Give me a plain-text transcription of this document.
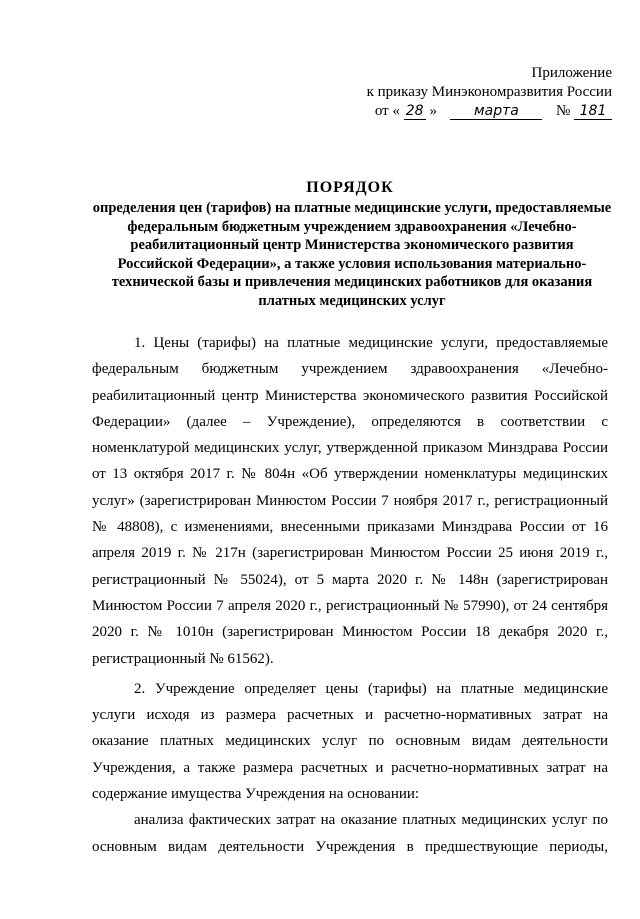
Приложение
к приказу Минэкономразвития России
от « 28 »	марта № 181
ПОРЯДОК
определения цен (тарифов) на платные медицинские услуги, предоставляемые федеральным бюджетным учреждением здравоохранения «Лечебно-реабилитационный центр Министерства экономического развития Российской Федерации», а также условия использования материально-технической базы и привлечения медицинских работников для оказания платных медицинских услуг

1. Цены (тарифы) на платные медицинские услуги, предоставляемые федеральным бюджетным учреждением здравоохранения «Лечебно-реабилитационный центр Министерства экономического развития Российской Федерации» (далее – Учреждение), определяются в соответствии с номенклатурой медицинских услуг, утвержденной приказом Минздрава России от 13 октября 2017 г. № 804н «Об утверждении номенклатуры медицинских услуг» (зарегистрирован Минюстом России 7 ноября 2017 г., регистрационный № 48808), с изменениями, внесенными приказами Минздрава России от 16 апреля 2019 г. № 217н (зарегистрирован Минюстом России 25 июня 2019 г., регистрационный № 55024), от 5 марта 2020 г. № 148н (зарегистрирован Минюстом России 7 апреля 2020 г., регистрационный № 57990), от 24 сентября 2020 г. № 1010н (зарегистрирован Минюстом России 18 декабря 2020 г., регистрационный № 61562).

2. Учреждение определяет цены (тарифы) на платные медицинские услуги исходя из размера расчетных и расчетно-нормативных затрат на оказание платных медицинских услуг по основным видам деятельности Учреждения, а также размера расчетных и расчетно-нормативных затрат на содержание имущества Учреждения на основании:

анализа фактических затрат на оказание платных медицинских услуг по основным видам деятельности Учреждения в предшествующие периоды,
